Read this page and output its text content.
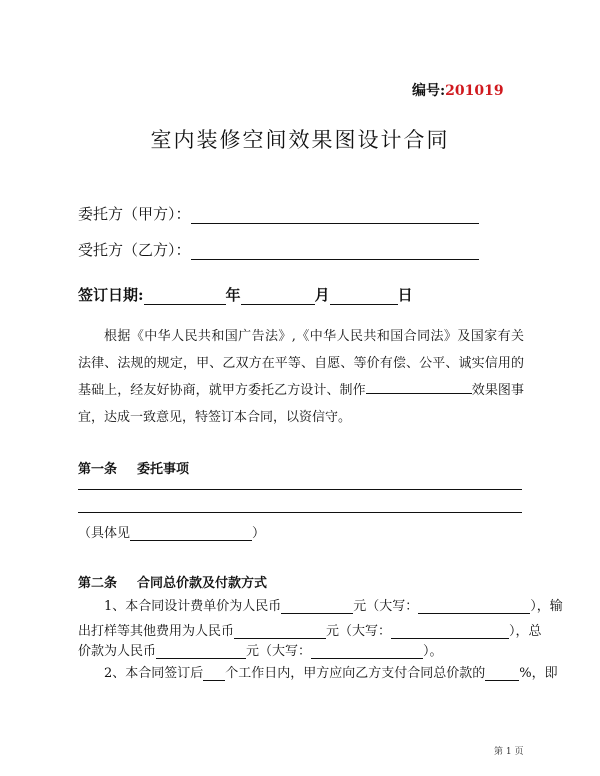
编号:201019
室内装修空间效果图设计合同
委托方（甲方）：
受托方（乙方）：
签订日期:	年	月	日
根据《中华人民共和国广告法》,《中华人民共和国合同法》及国家有关法律、法规的规定，甲、乙双方在平等、自愿、等价有偿、公平、诚实信用的基础上，经友好协商，就甲方委托乙方设计、制作	效果图事宜，达成一致意见，特签订本合同，以资信守。
第一条 委托事项
（具体见	）
第二条 合同总价款及付款方式
1、本合同设计费单价为人民币	元（大写：	），输
出打样等其他费用为人民币	元（大写：	），总
价款为人民币	元（大写：	）。
2、本合同签订后 个工作日内，甲方应向乙方支付合同总价款的	%，即
第 1 页
